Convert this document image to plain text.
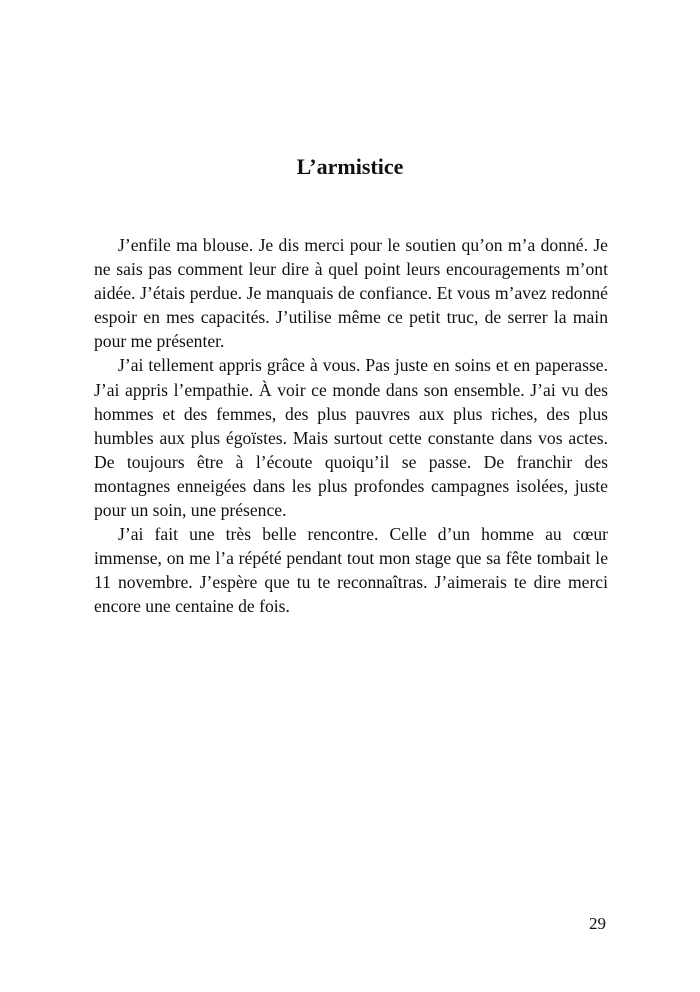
L’armistice

J’enfile ma blouse. Je dis merci pour le soutien qu’on m’a donné. Je ne sais pas comment leur dire à quel point leurs encouragements m’ont aidée. J’étais perdue. Je manquais de confiance. Et vous m’avez redonné espoir en mes capacités. J’utilise même ce petit truc, de serrer la main pour me présenter.

J’ai tellement appris grâce à vous. Pas juste en soins et en paperasse. J’ai appris l’empathie. À voir ce monde dans son ensemble. J’ai vu des hommes et des femmes, des plus pauvres aux plus riches, des plus humbles aux plus égoïstes. Mais surtout cette constante dans vos actes. De toujours être à l’écoute quoiqu’il se passe. De franchir des montagnes enneigées dans les plus profondes campagnes isolées, juste pour un soin, une présence.

J’ai fait une très belle rencontre. Celle d’un homme au cœur immense, on me l’a répété pendant tout mon stage que sa fête tombait le 11 novembre. J’espère que tu te reconnaîtras. J’aimerais te dire merci encore une centaine de fois.

29
